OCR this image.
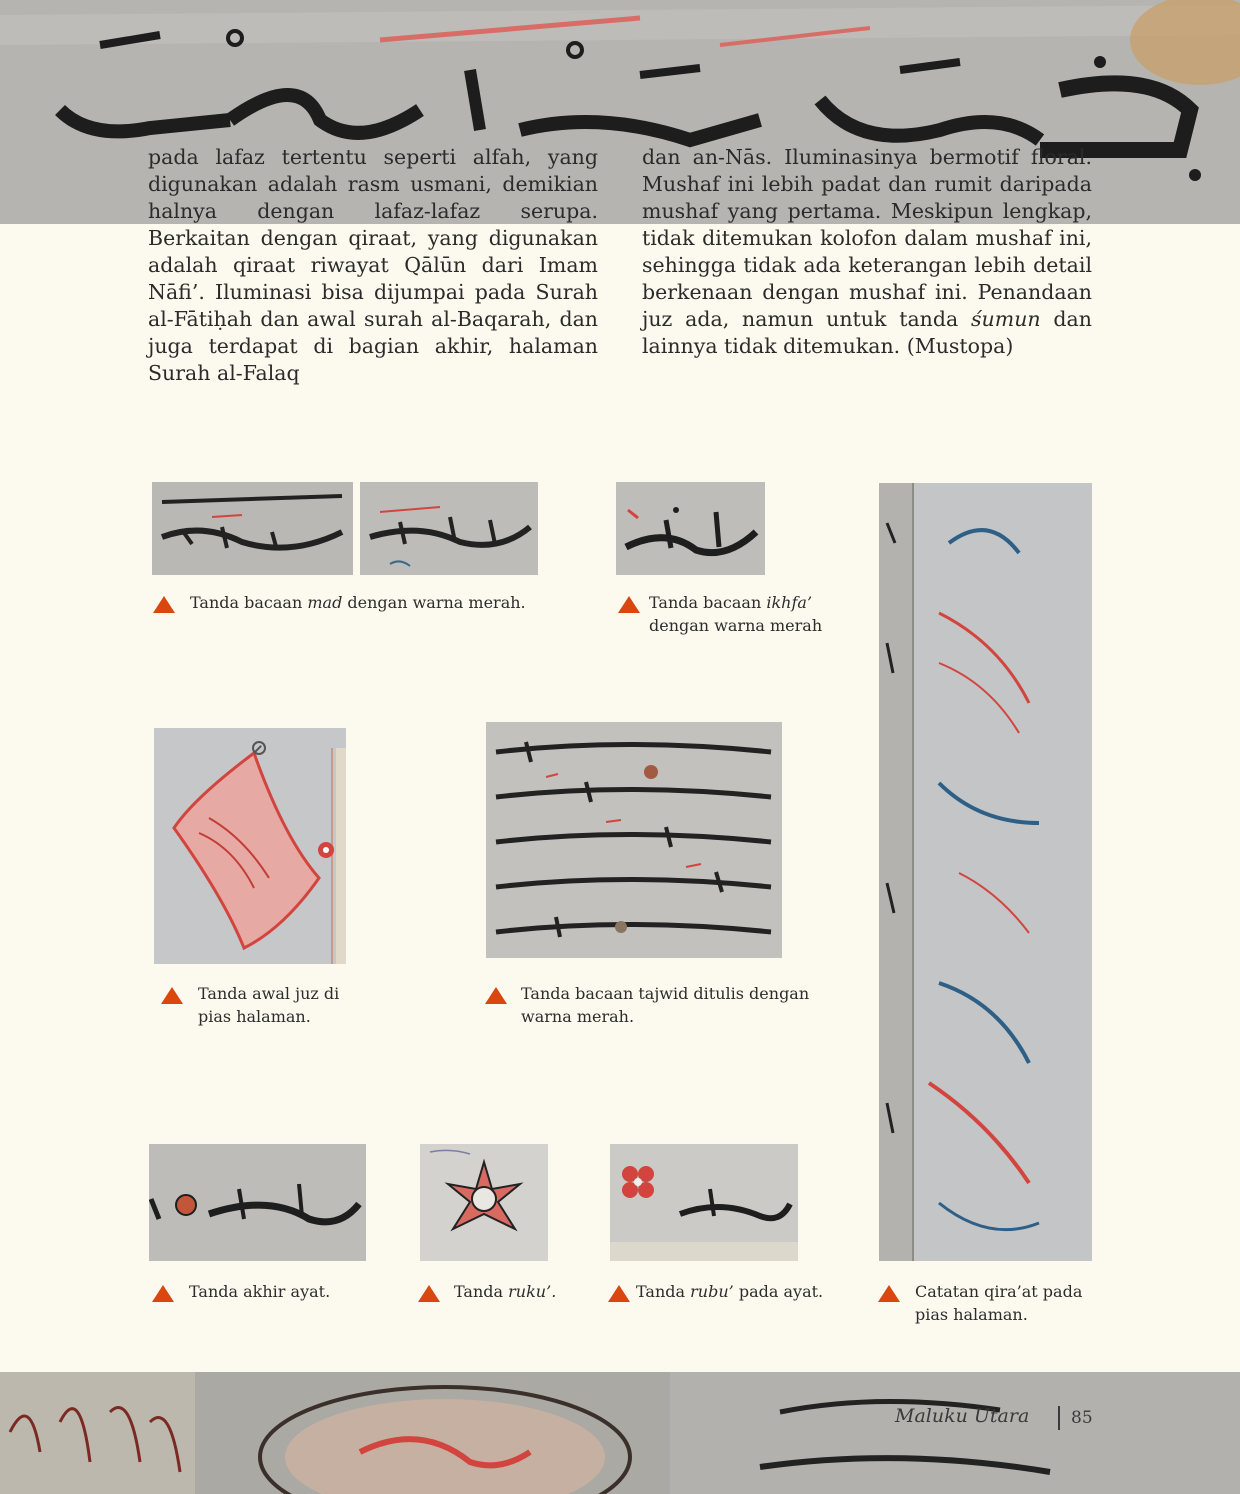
pada lafaz tertentu seperti alfah, yang digunakan adalah rasm usmani, demikian halnya dengan lafaz-lafaz serupa. Berkaitan dengan qiraat, yang digunakan adalah qiraat riwayat Qālūn dari Imam Nāfi’. Iluminasi bisa dijumpai pada Surah al-Fātiḥah dan awal surah al-Baqarah, dan juga terdapat di bagian akhir, halaman Surah al-Falaq

dan an-Nās. Iluminasinya bermotif floral. Mushaf ini lebih padat dan rumit daripada mushaf yang pertama. Meskipun lengkap, tidak ditemukan kolofon dalam mushaf ini, sehingga tidak ada keterangan lebih detail berkenaan dengan mushaf ini. Penandaan juz ada, namun untuk tanda śumun dan lainnya tidak ditemukan. (Mustopa)

Tanda bacaan mad dengan warna merah.	Tanda bacaan ikhfa’
dengan warna merah
Tanda awal juz di
pias halaman.
Tanda bacaan tajwid ditulis dengan
warna merah.
Tanda akhir ayat.	Tanda ruku’.	Tanda rubu’ pada ayat.	Catatan qira’at pada
pias halaman.
Maluku Utara 85
